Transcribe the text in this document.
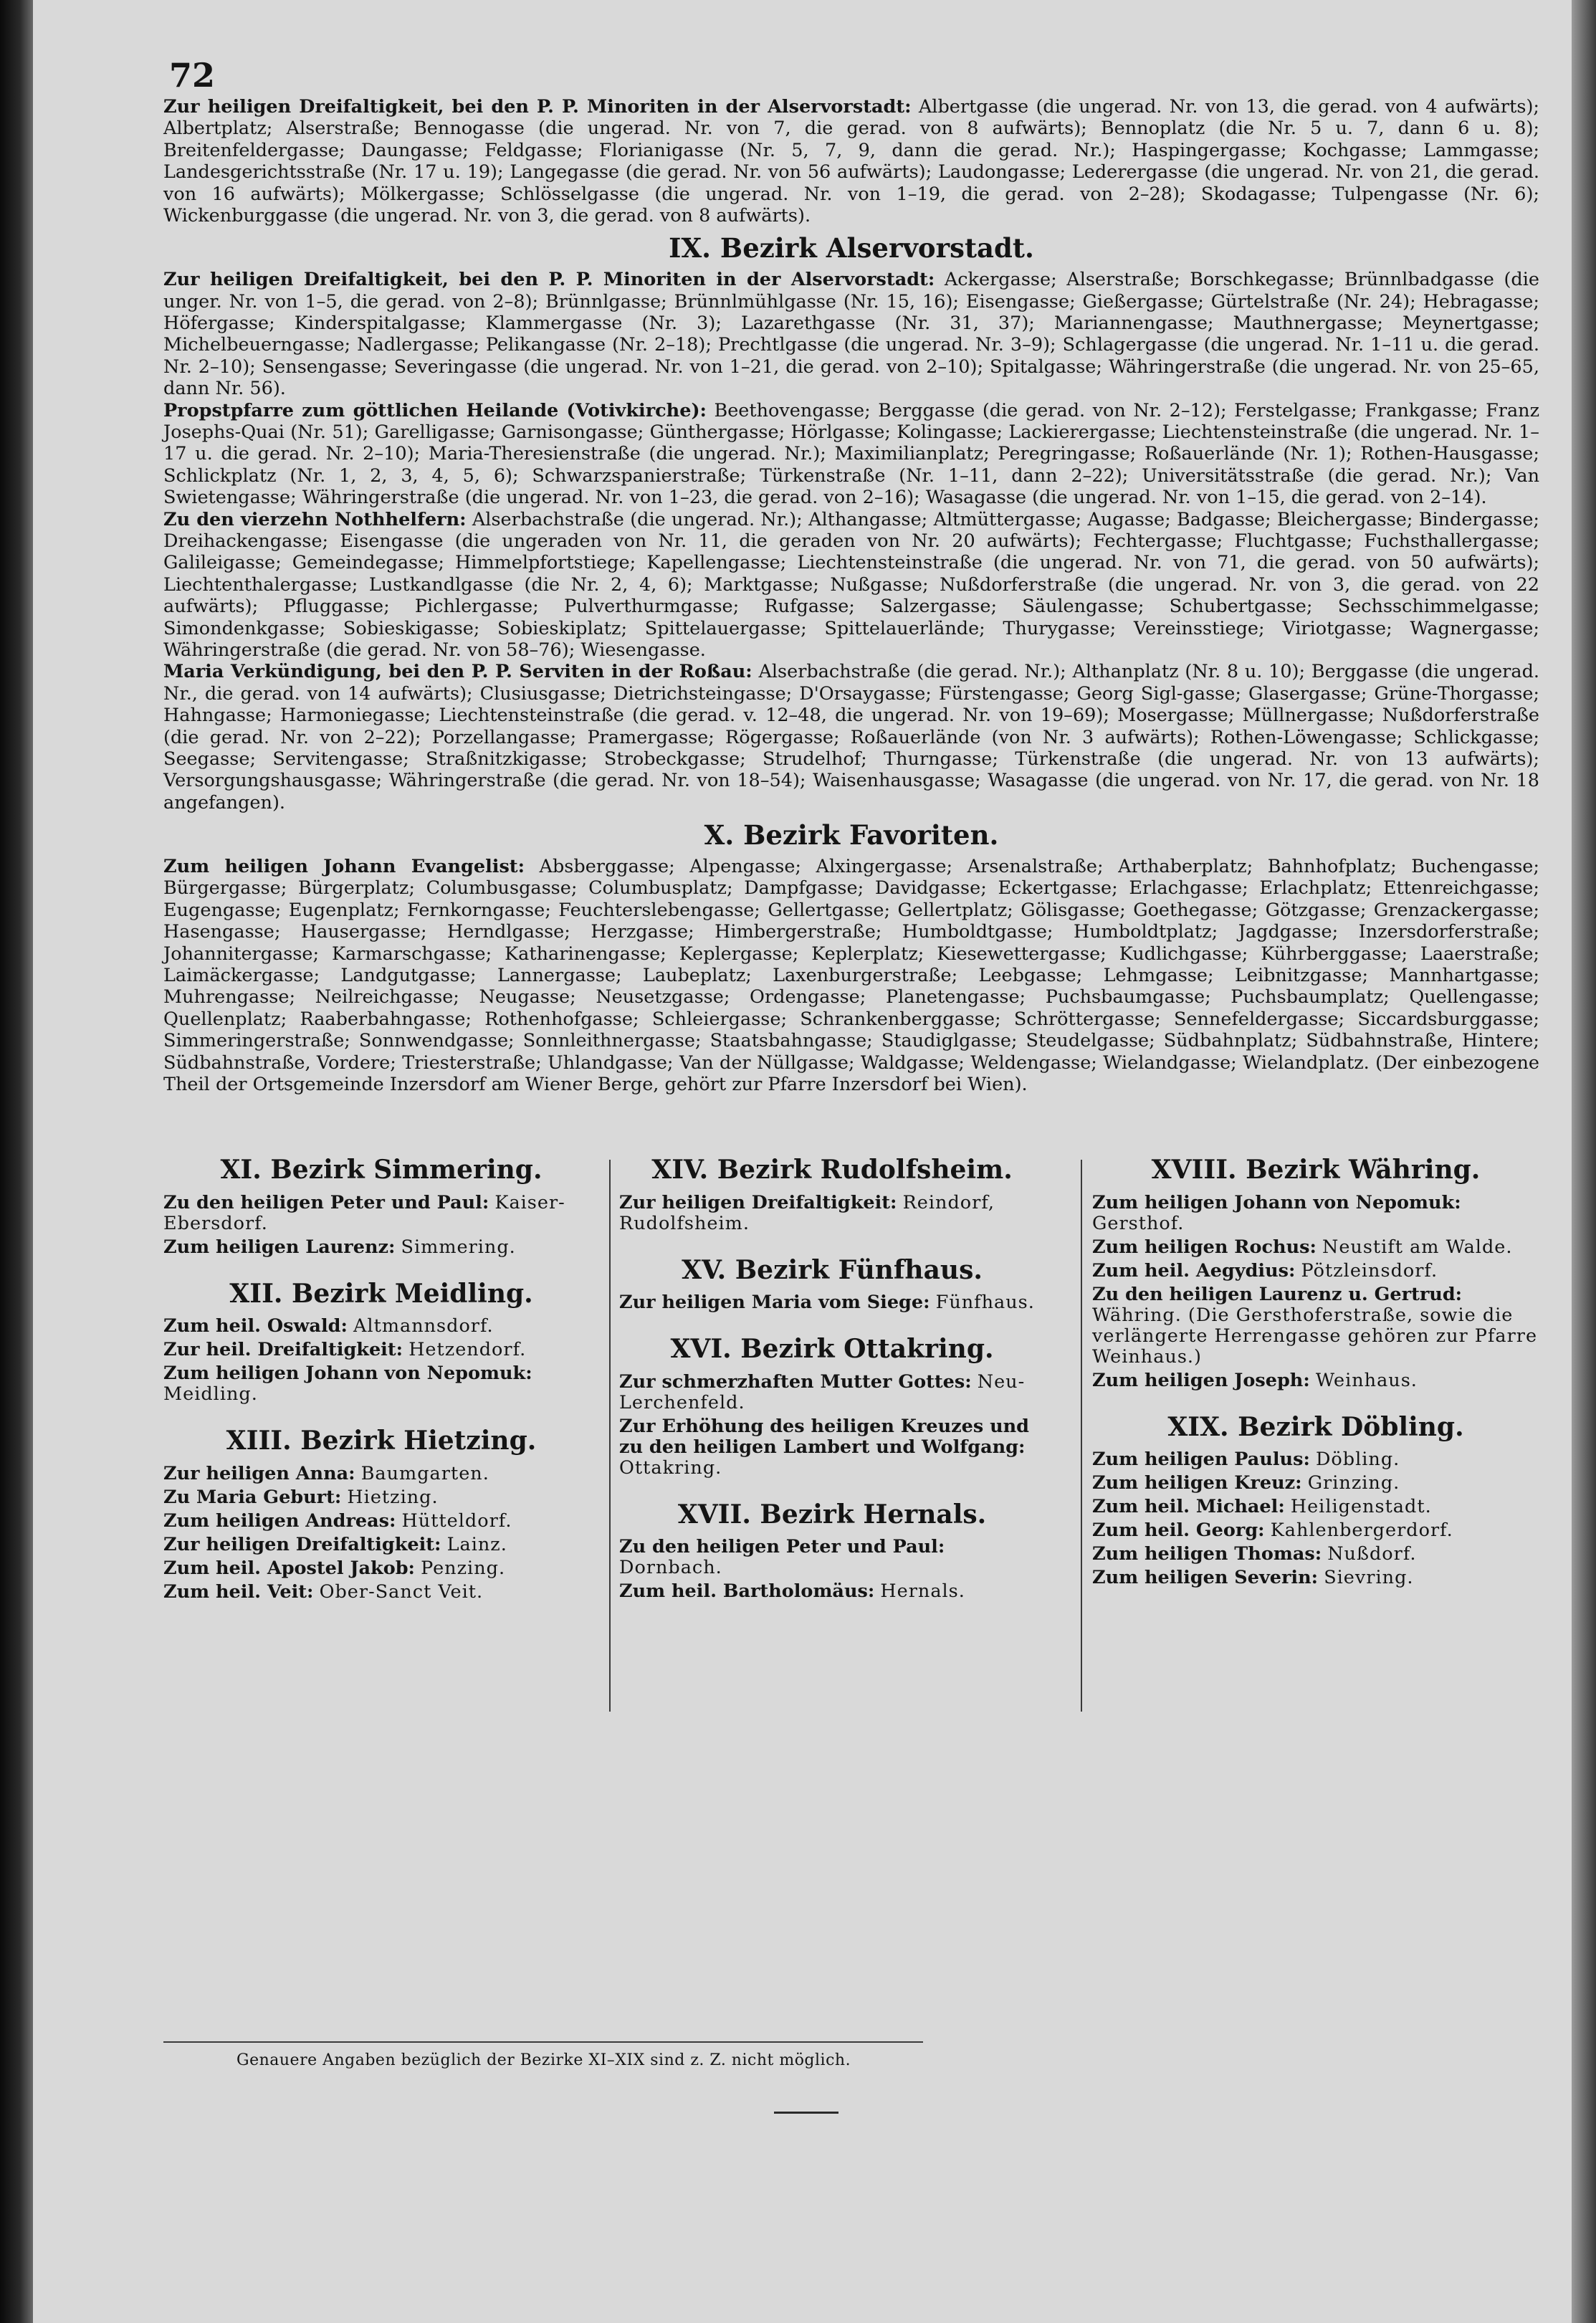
72

Zur heiligen Dreifaltigkeit, bei den P. P. Minoriten in der Alservorstadt: Albertgasse (die ungerad. Nr. von 13, die gerad. von 4 aufwärts); Albertplatz; Alserstraße; Bennogasse (die ungerad. Nr. von 7, die gerad. von 8 aufwärts); Bennoplatz (die Nr. 5 u. 7, dann 6 u. 8); Breitenfeldergasse; Daungasse; Feldgasse; Florianigasse (Nr. 5, 7, 9, dann die gerad. Nr.); Haspingergasse; Kochgasse; Lammgasse; Landesgerichtsstraße (Nr. 17 u. 19); Langegasse (die gerad. Nr. von 56 aufwärts); Laudongasse; Lederergasse (die ungerad. Nr. von 21, die gerad. von 16 aufwärts); Mölkergasse; Schlösselgasse (die ungerad. Nr. von 1–19, die gerad. von 2–28); Skodagasse; Tulpengasse (Nr. 6); Wickenburggasse (die ungerad. Nr. von 3, die gerad. von 8 aufwärts).

IX. Bezirk Alservorstadt.

Zur heiligen Dreifaltigkeit, bei den P. P. Minoriten in der Alservorstadt: Ackergasse; Alserstraße; Borschkegasse; Brünnlbadgasse (die unger. Nr. von 1–5, die gerad. von 2–8); Brünnlgasse; Brünnlmühlgasse (Nr. 15, 16); Eisengasse; Gießergasse; Gürtelstraße (Nr. 24); Hebragasse; Höfergasse; Kinderspitalgasse; Klammergasse (Nr. 3); Lazarethgasse (Nr. 31, 37); Mariannengasse; Mauthnergasse; Meynertgasse; Michelbeuerngasse; Nadlergasse; Pelikangasse (Nr. 2–18); Prechtlgasse (die ungerad. Nr. 3–9); Schlagergasse (die ungerad. Nr. 1–11 u. die gerad. Nr. 2–10); Sensengasse; Severingasse (die ungerad. Nr. von 1–21, die gerad. von 2–10); Spitalgasse; Währingerstraße (die ungerad. Nr. von 25–65, dann Nr. 56).

Propstpfarre zum göttlichen Heilande (Votivkirche): Beethovengasse; Berggasse (die gerad. von Nr. 2–12); Ferstelgasse; Frankgasse; Franz Josephs-Quai (Nr. 51); Garelligasse; Garnisongasse; Günthergasse; Hörlgasse; Kolingasse; Lackierergasse; Liechtensteinstraße (die ungerad. Nr. 1–17 u. die gerad. Nr. 2–10); Maria-Theresienstraße (die ungerad. Nr.); Maximilianplatz; Peregringasse; Roßauerlände (Nr. 1); Rothen-Hausgasse; Schlickplatz (Nr. 1, 2, 3, 4, 5, 6); Schwarzspanierstraße; Türkenstraße (Nr. 1–11, dann 2–22); Universitätsstraße (die gerad. Nr.); Van Swietengasse; Währingerstraße (die ungerad. Nr. von 1–23, die gerad. von 2–16); Wasagasse (die ungerad. Nr. von 1–15, die gerad. von 2–14).

Zu den vierzehn Nothhelfern: Alserbachstraße (die ungerad. Nr.); Althangasse; Altmüttergasse; Augasse; Badgasse; Bleichergasse; Bindergasse; Dreihackengasse; Eisengasse (die ungeraden von Nr. 11, die geraden von Nr. 20 aufwärts); Fechtergasse; Fluchtgasse; Fuchsthallergasse; Galileigasse; Gemeindegasse; Himmelpfortstiege; Kapellengasse; Liechtensteinstraße (die ungerad. Nr. von 71, die gerad. von 50 aufwärts); Liechtenthalergasse; Lustkandlgasse (die Nr. 2, 4, 6); Marktgasse; Nußgasse; Nußdorferstraße (die ungerad. Nr. von 3, die gerad. von 22 aufwärts); Pfluggasse; Pichlergasse; Pulverthurmgasse; Rufgasse; Salzergasse; Säulengasse; Schubertgasse; Sechsschimmelgasse; Simondenkgasse; Sobieskigasse; Sobieskiplatz; Spittelauergasse; Spittelauerlände; Thurygasse; Vereinsstiege; Viriotgasse; Wagnergasse; Währingerstraße (die gerad. Nr. von 58–76); Wiesengasse.

Maria Verkündigung, bei den P. P. Serviten in der Roßau: Alserbachstraße (die gerad. Nr.); Althanplatz (Nr. 8 u. 10); Berggasse (die ungerad. Nr., die gerad. von 14 aufwärts); Clusiusgasse; Dietrichsteingasse; D'Orsaygasse; Fürstengasse; Georg Sigl-gasse; Glasergasse; Grüne-Thorgasse; Hahngasse; Harmoniegasse; Liechtensteinstraße (die gerad. v. 12–48, die ungerad. Nr. von 19–69); Mosergasse; Müllnergasse; Nußdorferstraße (die gerad. Nr. von 2–22); Porzellangasse; Pramergasse; Rögergasse; Roßauerlände (von Nr. 3 aufwärts); Rothen-Löwengasse; Schlickgasse; Seegasse; Servitengasse; Straßnitzkigasse; Strobeckgasse; Strudelhof; Thurngasse; Türkenstraße (die ungerad. Nr. von 13 aufwärts); Versorgungshausgasse; Währingerstraße (die gerad. Nr. von 18–54); Waisenhausgasse; Wasagasse (die ungerad. von Nr. 17, die gerad. von Nr. 18 angefangen).

X. Bezirk Favoriten.

Zum heiligen Johann Evangelist: Absberggasse; Alpengasse; Alxingergasse; Arsenalstraße; Arthaberplatz; Bahnhofplatz; Buchengasse; Bürgergasse; Bürgerplatz; Columbusgasse; Columbusplatz; Dampfgasse; Davidgasse; Eckertgasse; Erlachgasse; Erlachplatz; Ettenreichgasse; Eugengasse; Eugenplatz; Fernkorngasse; Feuchterslebengasse; Gellertgasse; Gellertplatz; Gölisgasse; Goethegasse; Götzgasse; Grenzackergasse; Hasengasse; Hausergasse; Herndlgasse; Herzgasse; Himbergerstraße; Humboldtgasse; Humboldtplatz; Jagdgasse; Inzersdorferstraße; Johannitergasse; Karmarschgasse; Katharinengasse; Keplergasse; Keplerplatz; Kiesewettergasse; Kudlichgasse; Kührberggasse; Laaerstraße; Laimäckergasse; Landgutgasse; Lannergasse; Laubeplatz; Laxenburgerstraße; Leebgasse; Lehmgasse; Leibnitzgasse; Mannhartgasse; Muhrengasse; Neilreichgasse; Neugasse; Neusetzgasse; Ordengasse; Planetengasse; Puchsbaumgasse; Puchsbaumplatz; Quellengasse; Quellenplatz; Raaberbahngasse; Rothenhofgasse; Schleiergasse; Schrankenberggasse; Schröttergasse; Sennefeldergasse; Siccardsburggasse; Simmeringerstraße; Sonnwendgasse; Sonnleithnergasse; Staatsbahngasse; Staudiglgasse; Steudelgasse; Südbahnplatz; Südbahnstraße, Hintere; Südbahnstraße, Vordere; Triesterstraße; Uhlandgasse; Van der Nüllgasse; Waldgasse; Weldengasse; Wielandgasse; Wielandplatz. (Der einbezogene Theil der Ortsgemeinde Inzersdorf am Wiener Berge, gehört zur Pfarre Inzersdorf bei Wien).

XI. Bezirk Simmering.

Zu den heiligen Peter und Paul: Kaiser-Ebersdorf.

Zum heiligen Laurenz: Simmering.

XII. Bezirk Meidling.

Zum heil. Oswald: Altmannsdorf.

Zur heil. Dreifaltigkeit: Hetzendorf.

Zum heiligen Johann von Nepomuk: Meidling.

XIII. Bezirk Hietzing.

Zur heiligen Anna: Baumgarten.

Zu Maria Geburt: Hietzing.

Zum heiligen Andreas: Hütteldorf.

Zur heiligen Dreifaltigkeit: Lainz.

Zum heil. Apostel Jakob: Penzing.

Zum heil. Veit: Ober-Sanct Veit.

XIV. Bezirk Rudolfsheim.

Zur heiligen Dreifaltigkeit: Reindorf, Rudolfsheim.

XV. Bezirk Fünfhaus.

Zur heiligen Maria vom Siege: Fünfhaus.

XVI. Bezirk Ottakring.

Zur schmerzhaften Mutter Gottes: Neu-Lerchenfeld.

Zur Erhöhung des heiligen Kreuzes und zu den heiligen Lambert und Wolfgang: Ottakring.

XVII. Bezirk Hernals.

Zu den heiligen Peter und Paul: Dornbach.

Zum heil. Bartholomäus: Hernals.

XVIII. Bezirk Währing.

Zum heiligen Johann von Nepomuk: Gersthof.

Zum heiligen Rochus: Neustift am Walde.

Zum heil. Aegydius: Pötzleinsdorf.

Zu den heiligen Laurenz u. Gertrud: Währing. (Die Gersthoferstraße, sowie die verlängerte Herrengasse gehören zur Pfarre Weinhaus.)

Zum heiligen Joseph: Weinhaus.

XIX. Bezirk Döbling.

Zum heiligen Paulus: Döbling.

Zum heiligen Kreuz: Grinzing.

Zum heil. Michael: Heiligenstadt.

Zum heil. Georg: Kahlenbergerdorf.

Zum heiligen Thomas: Nußdorf.

Zum heiligen Severin: Sievring.

Genauere Angaben bezüglich der Bezirke XI–XIX sind z. Z. nicht möglich.
